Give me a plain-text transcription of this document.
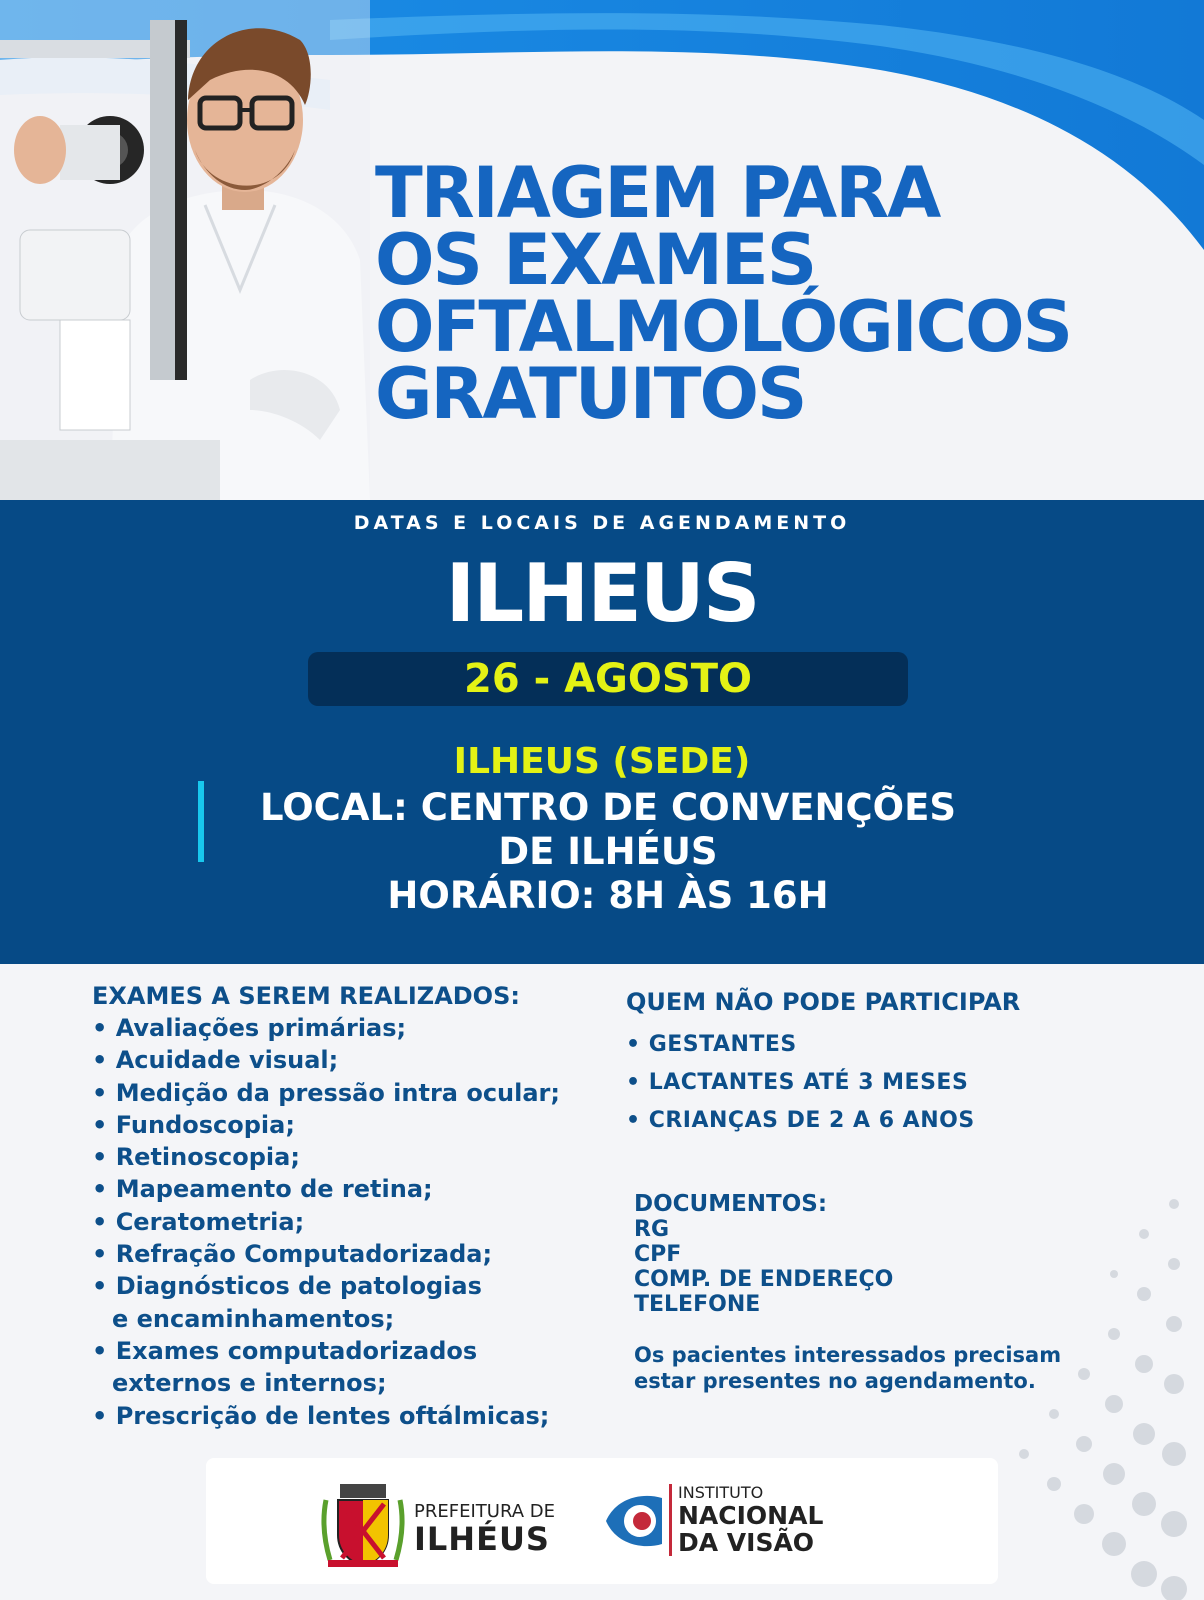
TRIAGEM PARA
OS EXAMES
OFTALMOLÓGICOS
GRATUITOS
DATAS E LOCAIS DE AGENDAMENTO
ILHEUS
26 - AGOSTO
ILHEUS (SEDE)
LOCAL: CENTRO DE CONVENÇÕES
DE ILHÉUS
HORÁRIO: 8H ÀS 16H
EXAMES A SEREM REALIZADOS:
• Avaliações primárias;
• Acuidade visual;
• Medição da pressão intra ocular;
• Fundoscopia;
• Retinoscopia;
• Mapeamento de retina;
• Ceratometria;
• Refração Computadorizada;
• Diagnósticos de patologias
e encaminhamentos;
• Exames computadorizados
externos e internos;
• Prescrição de lentes oftálmicas;
QUEM NÃO PODE PARTICIPAR
• GESTANTES
• LACTANTES ATÉ 3 MESES
• CRIANÇAS DE 2 A 6 ANOS
DOCUMENTOS:
RG
CPF
COMP. DE ENDEREÇO
TELEFONE
Os pacientes interessados precisam
estar presentes no agendamento.
PREFEITURA DE
ILHÉUS
INSTITUTO
NACIONAL
DA VISÃO
